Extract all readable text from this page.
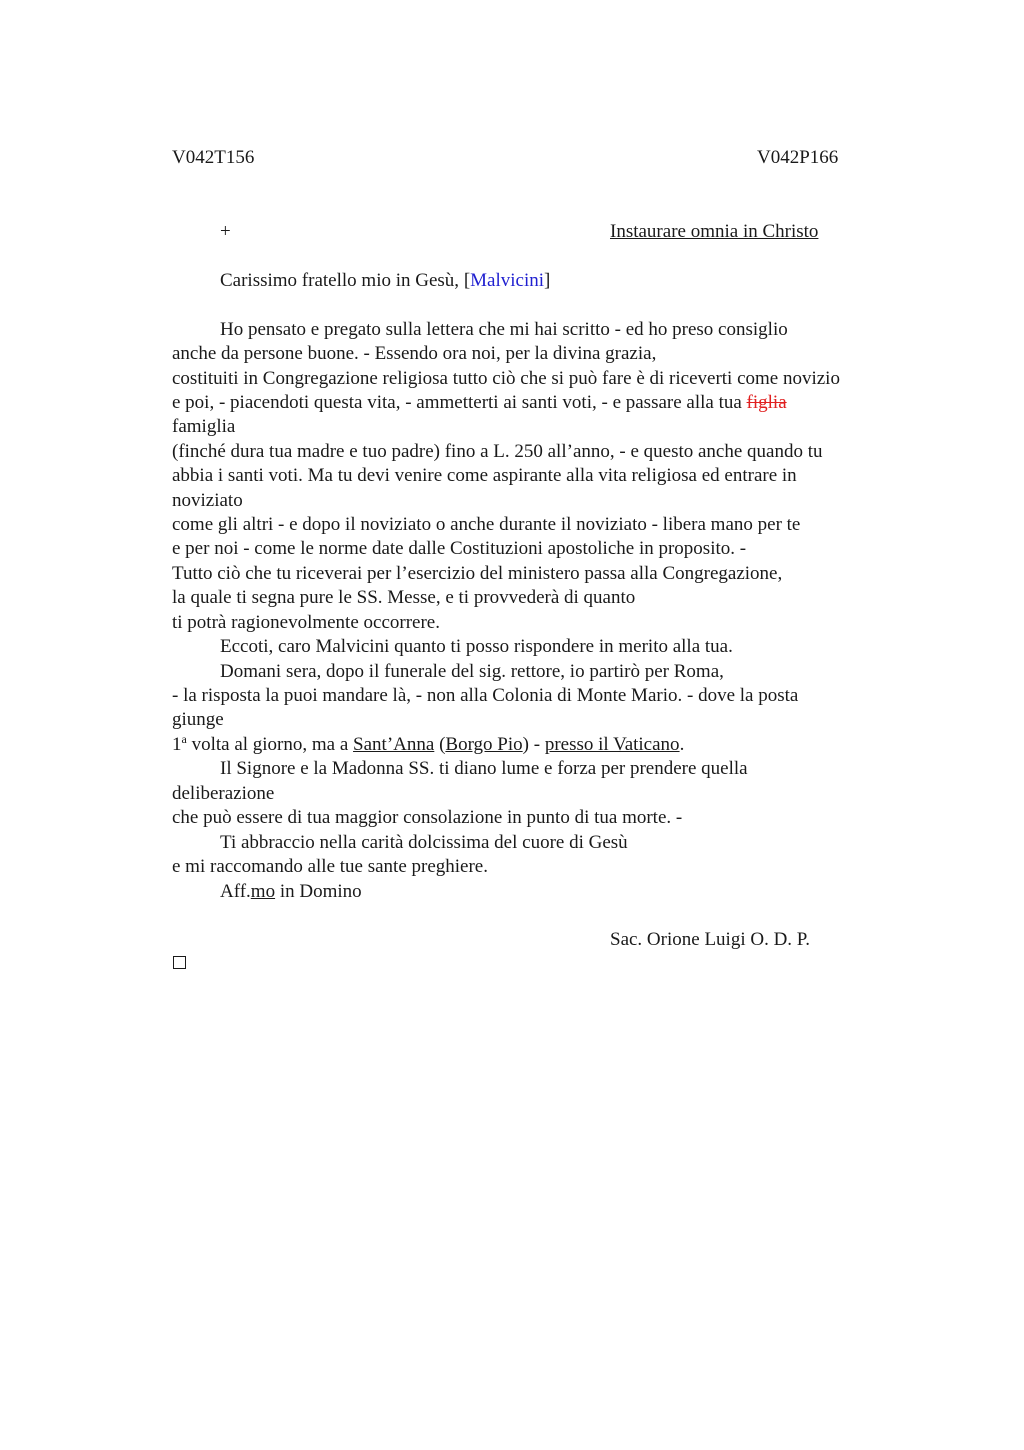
V042T156	V042P166
+	Instaurare omnia in Christo
Carissimo fratello mio in Gesù, [Malvicini]
Ho pensato e pregato sulla lettera che mi hai scritto - ed ho preso consiglio
anche da persone buone. - Essendo ora noi, per la divina grazia,
costituiti in Congregazione religiosa tutto ciò che si può fare è di riceverti come novizio
e poi, - piacendoti questa vita, - ammetterti ai santi voti, - e passare alla tua figlia
famiglia
(finché dura tua madre e tuo padre) fino a L. 250 all’anno, - e questo anche quando tu
abbia i santi voti. Ma tu devi venire come aspirante alla vita religiosa ed entrare in
noviziato
come gli altri - e dopo il noviziato o anche durante il noviziato - libera mano per te
e per noi - come le norme date dalle Costituzioni apostoliche in proposito. -
Tutto ciò che tu riceverai per l’esercizio del ministero passa alla Congregazione,
la quale ti segna pure le SS. Messe, e ti provvederà di quanto
ti potrà ragionevolmente occorrere.
Eccoti, caro Malvicini quanto ti posso rispondere in merito alla tua.
Domani sera, dopo il funerale del sig. rettore, io partirò per Roma,
- la risposta la puoi mandare là, - non alla Colonia di Monte Mario. - dove la posta
giunge
1$^a$ volta al giorno, ma a Sant’Anna (Borgo Pio) - presso il Vaticano.
Il Signore e la Madonna SS. ti diano lume e forza per prendere quella
deliberazione
che può essere di tua maggior consolazione in punto di tua morte. -
Ti abbraccio nella carità dolcissima del cuore di Gesù
e mi raccomando alle tue sante preghiere.
Aff.mo in Domino
Sac. Orione Luigi O. D. P.
